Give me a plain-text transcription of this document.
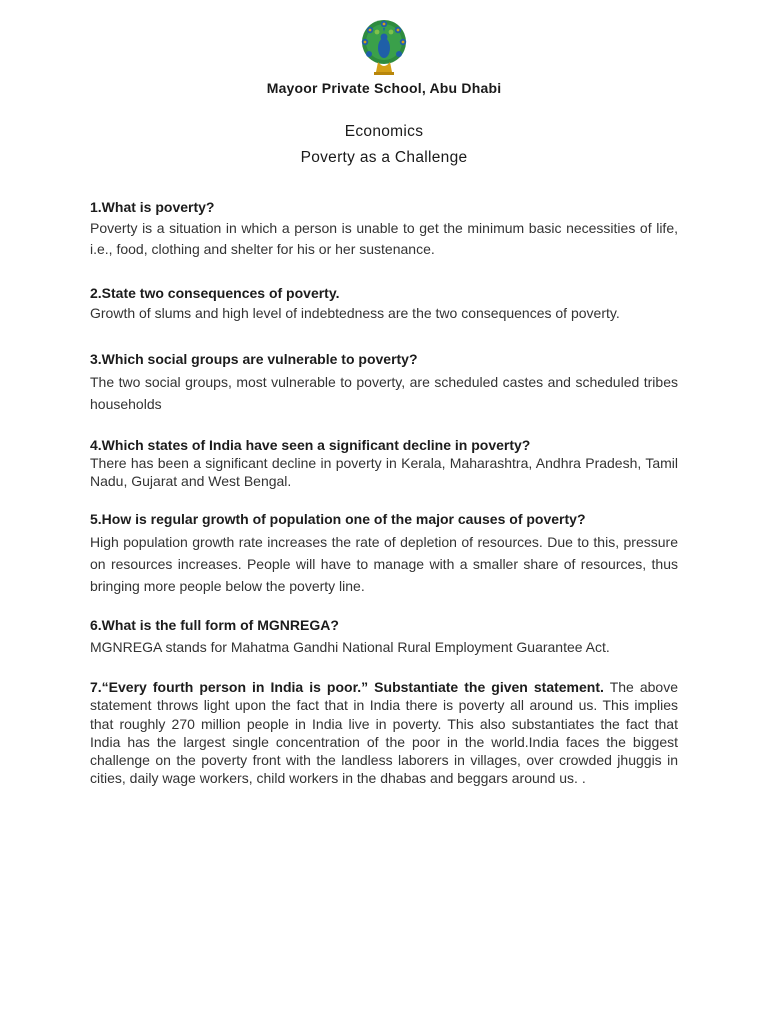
Mayoor Private School, Abu Dhabi
Economics
Poverty as a Challenge

1.What is poverty?

Poverty is a situation in which a person is unable to get the minimum basic necessities of life, i.e., food, clothing and shelter for his or her sustenance.

2.State two consequences of poverty.

Growth of slums and high level of indebtedness are the two consequences of poverty.

3.Which social groups are vulnerable to poverty?

The two social groups, most vulnerable to poverty, are scheduled castes and scheduled tribes households

4.Which states of India have seen a significant decline in poverty?

There has been a significant decline in poverty in Kerala, Maharashtra, Andhra Pradesh, Tamil Nadu, Gujarat and West Bengal.

5.How is regular growth of population one of the major causes of poverty?

High population growth rate increases the rate of depletion of resources. Due to this, pressure on resources increases. People will have to manage with a smaller share of resources, thus bringing more people below the poverty line.

6.What is the full form of MGNREGA?

MGNREGA stands for Mahatma Gandhi National Rural Employment Guarantee Act.

7.“Every fourth person in India is poor.” Substantiate the given statement. The above statement throws light upon the fact that in India there is poverty all around us. This implies that roughly 270 million people in India live in poverty. This also substantiates the fact that India has the largest single concentration of the poor in the world.India faces the biggest challenge on the poverty front with the landless laborers in villages, over crowded jhuggis in cities, daily wage workers, child workers in the dhabas and beggars around us. .
